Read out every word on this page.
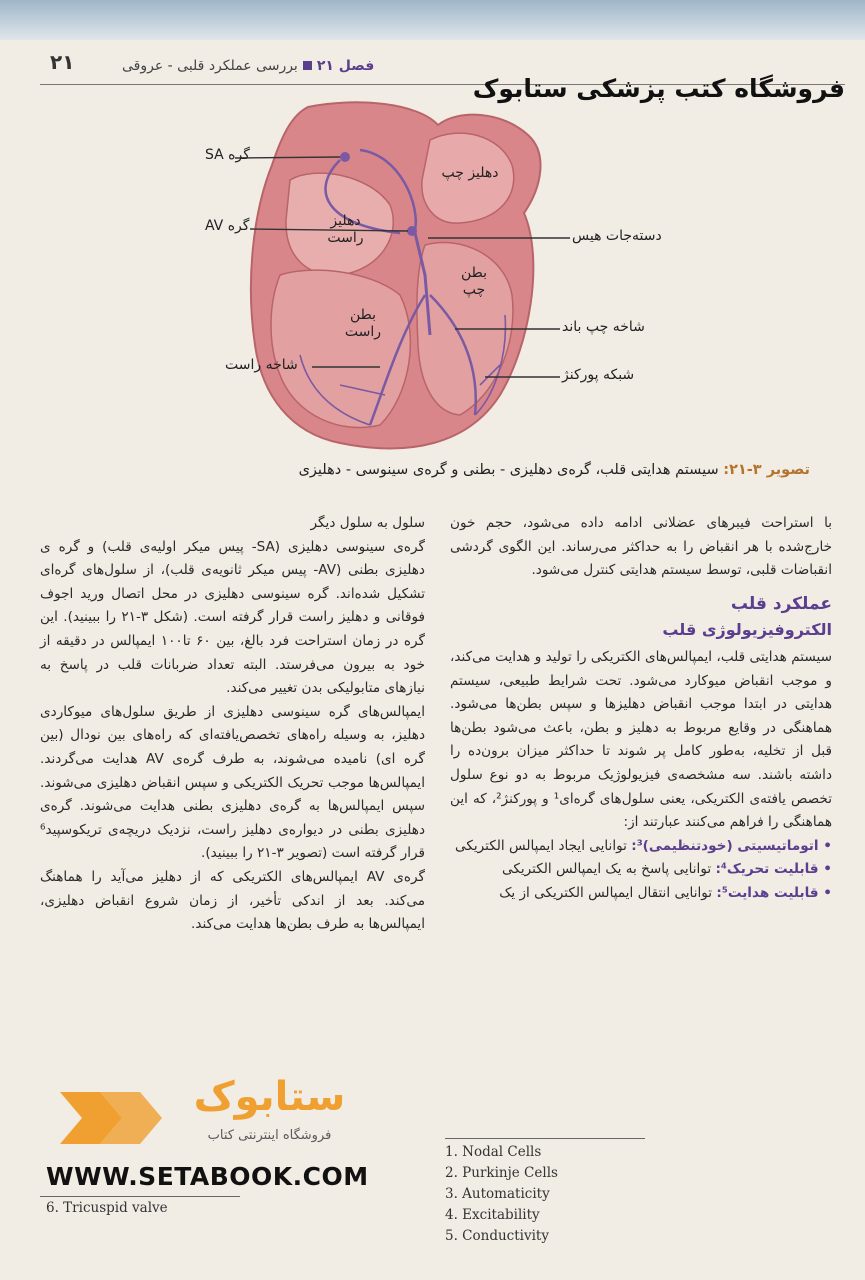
۲۱	فصل ۲۱بررسی عملکرد قلبی - عروقی
فروشگاه کتب پزشکی ستابوک
گره SA
گره AV
شاخه راست
دهلیز چپ
دهلیز راست
بطن چپ
بطن راست
دسته‌جات هیس
شاخه چپ باند
شبکه پورکنژ
تصویر ۳-۲۱: سیستم هدایتی قلب، گره‌ی دهلیزی - بطنی و گره‌ی سینوسی - دهلیزی

با استراحت فیبرهای عضلانی ادامه داده می‌شود، حجم خون خارج‌شده با هر انقباض را به حداکثر می‌رساند. این الگوی گردشی انقباضات قلبی، توسط سیستم هدایتی کنترل می‌شود.

عملکرد قلب
الکتروفیزیولوژی قلب

سیستم هدایتی قلب، ایمپالس‌های الکتریکی را تولید و هدایت می‌کند، و موجب انقباض میوکارد می‌شود. تحت شرایط طبیعی، سیستم هدایتی در ابتدا موجب انقباض دهلیزها و سپس بطن‌ها می‌شود. هماهنگی در وقایع مربوط به دهلیز و بطن، باعث می‌شود بطن‌ها قبل از تخلیه، به‌طور کامل پر شوند تا حداکثر میزان برون‌ده را داشته باشند. سه مشخصه‌ی فیزیولوژیک مربوط به دو نوع سلول تخصص یافته‌ی الکتریکی، یعنی سلول‌های گره‌ای¹ و پورکنژ²، که این هماهنگی را فراهم می‌کنند عبارتند از:

• اتوماتیسیتی (خودتنظیمی)³: توانایی ایجاد ایمپالس الکتریکی

• قابلیت تحریک⁴: توانایی پاسخ به یک ایمپالس الکتریکی

• قابلیت هدایت⁵: توانایی انتقال ایمپالس الکتریکی از یک

1. Nodal Cells
2. Purkinje Cells
3. Automaticity
4. Excitability
5. Conductivity

سلول به سلول دیگر

گره‌ی سینوسی دهلیزی (SA- پیس میکر اولیه‌ی قلب) و گره ی دهلیزی بطنی (AV- پیس میکر ثانویه‌ی قلب)، از سلول‌های گره‌ای تشکیل شده‌اند. گره سینوسی دهلیزی در محل اتصال ورید اجوف فوقانی و دهلیز راست قرار گرفته است. (شکل ۳-۲۱ را ببینید). این گره در زمان استراحت فرد بالغ، بین ۶۰ تا۱۰۰ ایمپالس در دقیقه از خود به بیرون می‌فرستد. البته تعداد ضربانات قلب در پاسخ به نیازهای متابولیکی بدن تغییر می‌کند.

ایمپالس‌های گره سینوسی دهلیزی از طریق سلول‌های میوکاردی دهلیز، به وسیله راه‌های تخصص‌یافته‌ای که راه‌های بین نودال (بین گره ای) نامیده می‌شوند، به طرف گره‌ی AV هدایت می‌گردند. ایمپالس‌ها موجب تحریک الکتریکی و سپس انقباض دهلیزی می‌شوند. سپس ایمپالس‌ها به گره‌ی دهلیزی بطنی هدایت می‌شوند. گره‌ی دهلیزی بطنی در دیواره‌ی دهلیز راست، نزدیک دریچه‌ی تریکوسپید⁶ قرار گرفته است (تصویر ۳-۲۱ را ببینید).

گره‌ی AV ایمپالس‌های الکتریکی که از دهلیز می‌آید را هماهنگ می‌کند. بعد از اندکی تأخیر، از زمان شروع انقباض دهلیزی، ایمپالس‌ها به طرف بطن‌ها هدایت می‌کند.

ستابوک
فروشگاه اینترنتی کتاب
WWW.SETABOOK.COM
6. Tricuspid valve
